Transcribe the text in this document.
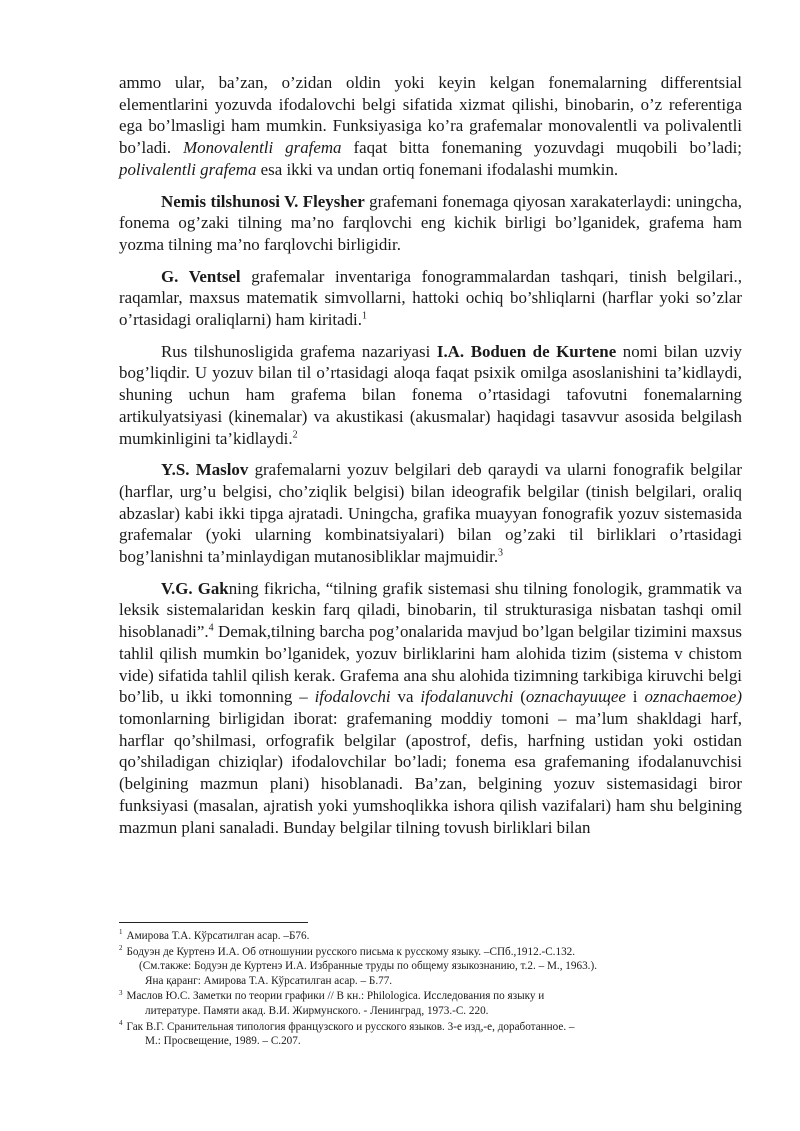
ammo ular, ba’zan, o’zidan oldin yoki keyin kelgan fonemalarning differentsial elementlarini yozuvda ifodalovchi belgi sifatida xizmat qilishi, binobarin, o’z referentiga ega bo’lmasligi ham mumkin. Funksiyasiga ko’ra grafemalar monovalentli va polivalentli bo’ladi. Monovalentli grafema faqat bitta fonemaning yozuvdagi muqobili bo’ladi; polivalentli grafema esa ikki va undan ortiq fonemani ifodalashi mumkin.

Nemis tilshunosi V. Fleysher grafemani fonemaga qiyosan xarakaterlaydi: uningcha, fonema og’zaki tilning ma’no farqlovchi eng kichik birligi bo’lganidek, grafema ham yozma tilning ma’no farqlovchi birligidir.

G. Ventsel grafemalar inventariga fonogrammalardan tashqari, tinish belgilari., raqamlar, maxsus matematik simvollarni, hattoki ochiq bo’shliqlarni (harflar yoki so’zlar o’rtasidagi oraliqlarni) ham kiritadi.$^1$

Rus tilshunosligida grafema nazariyasi I.A. Boduen de Kurtene nomi bilan uzviy bog’liqdir. U yozuv bilan til o’rtasidagi aloqa faqat psixik omilga asoslanishini ta’kidlaydi, shuning uchun ham grafema bilan fonema o’rtasidagi tafovutni fonemalarning artikulyatsiyasi (kinemalar) va akustikasi (akusmalar) haqidagi tasavvur asosida belgilash mumkinligini ta’kidlaydi.$^2$

Y.S. Maslov grafemalarni yozuv belgilari deb qaraydi va ularni fonografik belgilar (harflar, urg’u belgisi, cho’ziqlik belgisi) bilan ideografik belgilar (tinish belgilari, oraliq abzaslar) kabi ikki tipga ajratadi. Uningcha, grafika muayyan fonografik yozuv sistemasida grafemalar (yoki ularning kombinatsiyalari) bilan og’zaki til birliklari o’rtasidagi bog’lanishni ta’minlaydigan mutanosibliklar majmuidir.$^3$

V.G. Gakning fikricha, “tilning grafik sistemasi shu tilning fonologik, grammatik va leksik sistemalaridan keskin farq qiladi, binobarin, til strukturasiga nisbatan tashqi omil hisoblanadi”.$^4$ Demak,tilning barcha pog’onalarida mavjud bo’lgan belgilar tizimini maxsus tahlil qilish mumkin bo’lganidek, yozuv birliklarini ham alohida tizim (sistema v chistom vide) sifatida tahlil qilish kerak. Grafema ana shu alohida tizimning tarkibiga kiruvchi belgi bo’lib, u ikki tomonning – ifodalovchi va ifodalanuvchi (oznachayuщee i oznachaemoe) tomonlarning birligidan iborat: grafemaning moddiy tomoni – ma’lum shakldagi harf, harflar qo’shilmasi, orfografik belgilar (apostrof, defis, harfning ustidan yoki ostidan qo’shiladigan chiziqlar) ifodalovchilar bo’ladi; fonema esa grafemaning ifodalanuvchisi (belgining mazmun plani) hisoblanadi. Ba’zan, belgining yozuv sistemasidagi biror funksiyasi (masalan, ajratish yoki yumshoqlikka ishora qilish vazifalari) ham shu belgining mazmun plani sanaladi. Bunday belgilar tilning tovush birliklari bilan

$^1$ Амирова Т.А. Кўрсатилган асар. –Б76.
$^2$ Бодуэн де Куртенэ И.А. Об отношунии русского письма к русскому языку. –СПб.,1912.-С.132.
(См.также: Бодуэн де Куртенэ И.А. Избранные труды по общему языкознанию, т.2. – М., 1963.).
Яна қаранг: Амирова Т.А. Кўрсатилган асар. – Б.77.
$^3$ Маслов Ю.С. Заметки по теории графики // В кн.: Philologica. Исследования по языку и
литературе. Памяти акад. В.И. Жирмунского. - Ленинград, 1973.-С. 220.
$^4$ Гак В.Г. Сранительная типология французского и русского языков. 3-е изд,-е, доработанное. –
М.: Просвещение, 1989. – С.207.
